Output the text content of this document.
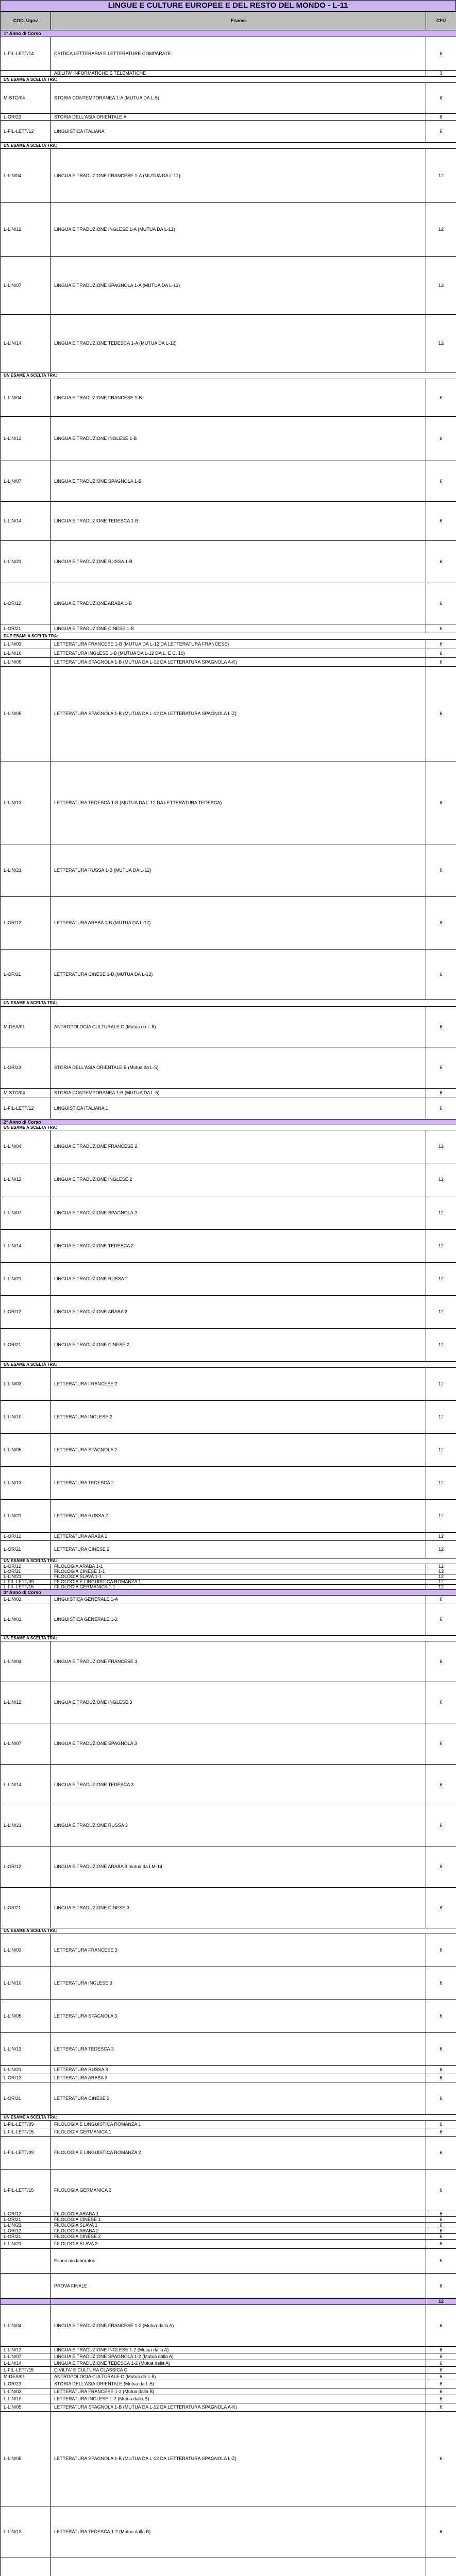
LINGUE E CULTURE EUROPEE E DEL RESTO DEL MONDO - L-11
COD. Ugov	Esame	CFU
1° Anno di Corso		
L-FIL-LETT/14	CRITICA LETTERARIA E LETTERATURE COMPARATE	6
	ABILITA' INFORMATICHE E TELEMATICHE	3
UN ESAME A SCELTA TRA:		
M-STO/04	STORIA CONTEMPORANEA 1-A (MUTUA DA L-5)	6
L-OR/23	STORIA DELL'ASIA ORIENTALE A	6
L-FIL-LETT/12	LINGUISTICA ITALIANA	6
UN ESAME A SCELTA TRA:		
L-LIN/04	LINGUA E TRADUZIONE FRANCESE 1-A (MUTUA DA L-12)	12
L-LIN/12	LINGUA E TRADUZIONE INGLESE 1-A (MUTUA DA L-12)	12
L-LIN/07	LINGUA E TRADUZIONE SPAGNOLA 1-A (MUTUA DA L-12)	12
L-LIN/14	LINGUA E TRADUZIONE TEDESCA 1-A (MUTUA DA L-12)	12
UN ESAME A SCELTA TRA:		
L-LIN/04	LINGUA E TRADUZIONE FRANCESE 1-B	6
L-LIN/12	LINGUA E TRADUZIONE INGLESE 1-B	6
L-LIN/07	LINGUA E TRADUZIONE SPAGNOLA 1-B	6
L-LIN/14	LINGUA E TRADUZIONE TEDESCA 1-B	6
L-LIN/21	LINGUA E TRADUZIONE RUSSA 1-B	6
L-OR/12	LINGUA E TRADUZIONE ARABA 1-B	6
L-OR/21	LINGUA E TRADUZIONE CINESE 1-B	6
DUE ESAMI A SCELTA TRA:		
L-LIN/03	LETTERATURA FRANCESE 1-B (MUTUA DA L-12 DA LETTERATURA FRANCESE)	6
L-LIN/10	LETTERATURA INGLESE 1-B (MUTUA DA L-12 DA L. E C. 10)	6
L-LIN/05	LETTERATURA SPAGNOLA 1-B (MUTUA DA L-12 DA LETTERATURA SPAGNOLA A-K)	6
L-LIN/05	LETTERATURA SPAGNOLA 1-B (MUTUA DA L-12 DA LETTERATURA SPAGNOLA L-Z)	6
L-LIN/13	LETTERATURA TEDESCA 1-B (MUTUA DA L-12 DA LETTERATURA TEDESCA)	6
L-LIN/21	LETTERATURA RUSSA 1-B (MUTUA DA L-12)	6
L-OR/12	LETTERATURA ARABA 1-B (MUTUA DA L-12)	6
L-OR/21	LETTERATURA CINESE 1-B (MUTUA DA L-12)	6
UN ESAME A SCELTA TRA:		
M-DEA/01	ANTROPOLOGIA CULTURALE C (Mutua da L-5)	6
L-OR/23	STORIA DELL'ASIA ORIENTALE B (Mutua da L-5)	6
M-STO/04	STORIA CONTEMPORANEA 1-B (MUTUA DA L-5)	6
L-FIL-LETT/12	LINGUISTICA ITALIANA 1	6
2° Anno di Corso		
UN ESAME A SCELTA TRA:		
L-LIN/04	LINGUA E TRADUZIONE FRANCESE 2	12
L-LIN/12	LINGUA E TRADUZIONE INGLESE 2	12
L-LIN/07	LINGUA E TRADUZIONE SPAGNOLA 2	12
L-LIN/14	LINGUA E TRADUZIONE TEDESCA 2	12
L-LIN/21	LINGUA E TRADUZIONE RUSSA 2	12
L-OR/12	LINGUA E TRADUZIONE ARABA 2	12
L-OR/21	LINGUA E TRADUZIONE CINESE 2	12
UN ESAME A SCELTA TRA:		
L-LIN/03	LETTERATURA FRANCESE 2	12
L-LIN/10	LETTERATURA INGLESE 2	12
L-LIN/05	LETTERATURA SPAGNOLA 2	12
L-LIN/13	LETTERATURA TEDESCA 2	12
L-LIN/21	LETTERATURA RUSSA 2	12
L-OR/12	LETTERATURA ARABA 2	12
L-OR/21	LETTERATURA CINESE 2	12
UN ESAME A SCELTA TRA:		
L-OR/12	FILOLOGIA ARABA 1-1	12
L-OR/21	FILOLOGIA CINESE 1-1	12
L-LIN/21	FILOLOGIA SLAVA 1-1	12
L-FIL-LETT/09	FILOLOGIA E LINGUISTICA ROMANZA 1	12
L-FIL-LETT/15	FILOLOGIA GERMANICA 1-1	12
3° Anno di Corso		
L-LIN/01	LINGUISTICA GENERALE 1-A	6
L-LIN/01	LINGUISTICA GENERALE 1-2	6
UN ESAME A SCELTA TRA:		
L-LIN/04	LINGUA E TRADUZIONE FRANCESE 3	6
L-LIN/12	LINGUA E TRADUZIONE INGLESE 3	6
L-LIN/07	LINGUA E TRADUZIONE SPAGNOLA 3	6
L-LIN/14	LINGUA E TRADUZIONE TEDESCA 3	6
L-LIN/21	LINGUA E TRADUZIONE RUSSA 3	6
L-OR/12	LINGUA E TRADUZIONE ARABA 3 mutua da LM-14	6
L-OR/21	LINGUA E TRADUZIONE CINESE 3	6
UN ESAME A SCELTA TRA:		
L-LIN/03	LETTERATURA FRANCESE 3	6
L-LIN/10	LETTERATURA INGLESE 3	6
L-LIN/05	LETTERATURA SPAGNOLA 3	6
L-LIN/13	LETTERATURA TEDESCA 3	6
L-LIN/21	LETTERATURA RUSSA 3	6
L-OR/12	LETTERATURA ARABA 3	6
L-OR/21	LETTERATURA CINESE 3	6
UN ESAME A SCELTA TRA:		
L-FIL-LETT/09	FILOLOGIA E LINGUISTICA ROMANZA 1	6
L-FIL-LETT/15	FILOLOGIA GERMANICA 1	6
L-FIL-LETT/09	FILOLOGIA E LINGUISTICA ROMANZA 2	6
L-FIL-LETT/15	FILOLOGIA GERMANICA 2	6
L-OR/12	FILOLOGIA ARABA 1	6
L-OR/21	FILOLOGIA CINESE 1	6
L-LIN/21	FILOLOGIA SLAVA 1	6
L-OR/12	FILOLOGIA ARABA 2	6
L-OR/21	FILOLOGIA CINESE 2	6
L-LIN/21	FILOLOGIA SLAVA 2	6
	Esami a/o laboratori	6
	PROVA FINALE	6
		12
L-LIN/04	LINGUA E TRADUZIONE FRANCESE 1-2 (Mutua dalla A)	6
L-LIN/12	LINGUA E TRADUZIONE INGLESE 1-2 (Mutua dalla A)	6
L-LIN/07	LINGUA E TRADUZIONE SPAGNOLA 1-2 (Mutua dalla A)	6
L-LIN/14	LINGUA E TRADUZIONE TEDESCA 1-2 (Mutua dalla A)	6
L-FIL-LETT/15	CIVILTA' E CULTURA CLASSICA C	6
M-DEA/01	ANTROPOLOGIA CULTURALE C (Mutua da L-5)	6
L-OR/23	STORIA DELL'ASIA ORIENTALE (Mutua da L-5)	6
L-LIN/03	LETTERATURA FRANCESE 1-2 (Mutua dalla B)	6
L-LIN/10	LETTERATURA INGLESE 1-2 (Mutua dalla B)	6
L-LIN/05	LETTERATURA SPAGNOLA 1-B (MUTUA DA L-12 DA LETTERATURA SPAGNOLA A-K)	6
L-LIN/05	LETTERATURA SPAGNOLA 1-B (MUTUA DA L-12 DA LETTERATURA SPAGNOLA L-Z)	6
L-LIN/13	LETTERATURA TEDESCA 1-2 (Mutua dalla B)	6
